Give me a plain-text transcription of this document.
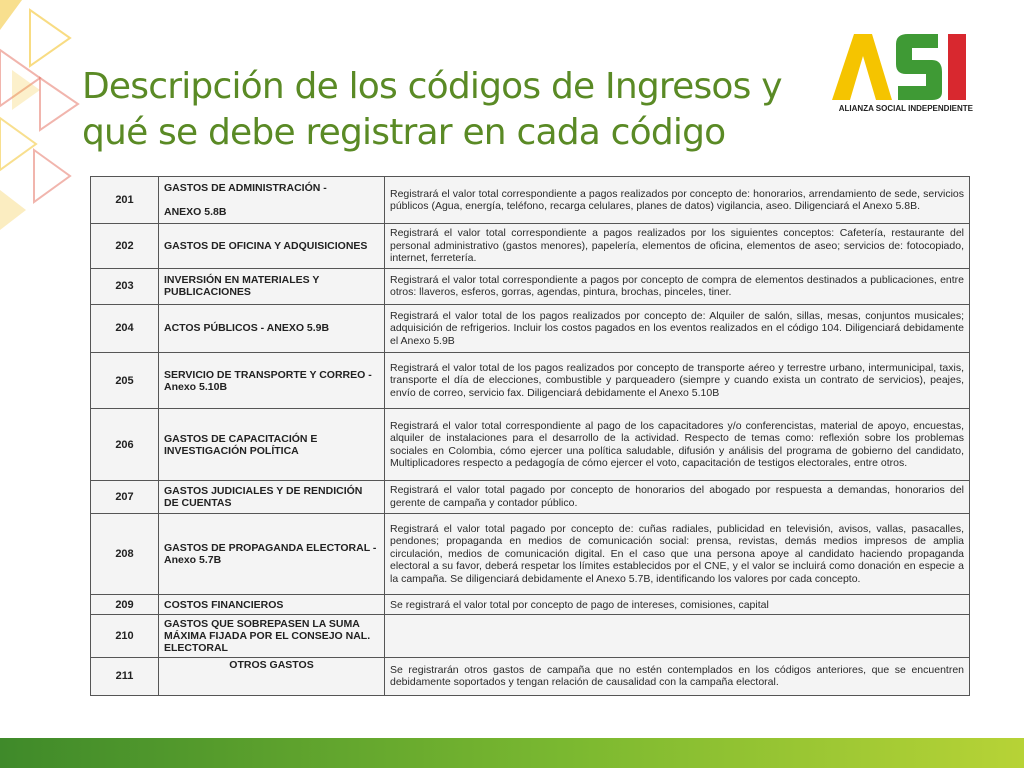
Descripción de los códigos de Ingresos y
qué se debe registrar en cada código
ALIANZA SOCIAL INDEPENDIENTE
201	GASTOS DE ADMINISTRACIÓN -

ANEXO 5.8B	Registrará el valor total correspondiente a pagos realizados por concepto de: honorarios, arrendamiento de sede, servicios públicos (Agua, energía, teléfono, recarga celulares, planes de datos) vigilancia, aseo. Diligenciará el Anexo 5.8B.
202	GASTOS DE OFICINA Y ADQUISICIONES	Registrará el valor total correspondiente a pagos realizados por los siguientes conceptos: Cafetería, restaurante del personal administrativo (gastos menores), papelería, elementos de oficina, elementos de aseo; servicios de: fotocopiado, internet, ferretería.
203	INVERSIÓN EN MATERIALES Y PUBLICACIONES	Registrará el valor total correspondiente a pagos por concepto de compra de elementos destinados a publicaciones, entre otros: llaveros, esferos, gorras, agendas, pintura, brochas, pinceles, tiner.
204	ACTOS PÚBLICOS - ANEXO 5.9B	Registrará el valor total de los pagos realizados por concepto de: Alquiler de salón, sillas, mesas, conjuntos musicales; adquisición de refrigerios. Incluir los costos pagados en los eventos realizados en el código 104. Diligenciará debidamente el Anexo 5.9B
205	SERVICIO DE TRANSPORTE Y CORREO - Anexo 5.10B	Registrará el valor total de los pagos realizados por concepto de transporte aéreo y terrestre urbano, intermunicipal, taxis, transporte el día de elecciones, combustible y parqueadero (siempre y cuando exista un contrato de servicios), peajes, envío de correo, servicio fax. Diligenciará debidamente el Anexo 5.10B
206	GASTOS DE CAPACITACIÓN E INVESTIGACIÓN POLÍTICA	Registrará el valor total correspondiente al pago de los capacitadores y/o conferencistas, material de apoyo, encuestas, alquiler de instalaciones para el desarrollo de la actividad. Respecto de temas como: reflexión sobre los problemas sociales en Colombia, cómo ejercer una política saludable, difusión y análisis del programa de gobierno del candidato, Multiplicadores respecto a pedagogía de cómo ejercer el voto, capacitación de testigos electorales, entre otros.
207	GASTOS JUDICIALES Y DE RENDICIÓN DE CUENTAS	Registrará el valor total pagado por concepto de honorarios del abogado por respuesta a demandas, honorarios del gerente de campaña y contador público.
208	GASTOS DE PROPAGANDA ELECTORAL - Anexo 5.7B	Registrará el valor total pagado por concepto de: cuñas radiales, publicidad en televisión, avisos, vallas, pasacalles, pendones; propaganda en medios de comunicación social: prensa, revistas, demás medios impresos de amplia circulación, medios de comunicación digital. En el caso que una persona apoye al candidato haciendo propaganda electoral a su favor, deberá respetar los límites establecidos por el CNE, y el valor se incluirá como donación en especie a la campaña. Se diligenciará debidamente el Anexo 5.7B, identificando los valores por cada concepto.
209	COSTOS FINANCIEROS	Se registrará el valor total por concepto de pago de intereses, comisiones, capital
210	GASTOS QUE SOBREPASEN LA SUMA MÁXIMA FIJADA POR EL CONSEJO NAL. ELECTORAL	
211	OTROS GASTOS	Se registrarán otros gastos de campaña que no estén contemplados en los códigos anteriores, que se encuentren debidamente soportados y tengan relación de causalidad con la campaña electoral.
